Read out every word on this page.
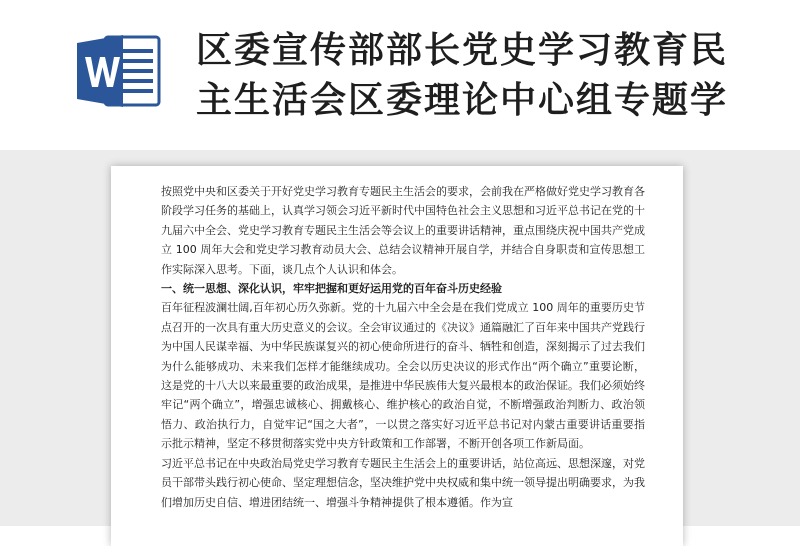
区委宣传部部长党史学习教育民
主生活会区委理论中心组专题学

按照党中央和区委关于开好党史学习教育专题民主生活会的要求，会前我在严格做好党史学习教育各阶段学习任务的基础上，认真学习领会习近平新时代中国特色社会主义思想和习近平总书记在党的十九届六中全会、党史学习教育专题民主生活会等会议上的重要讲话精神，重点围绕庆祝中国共产党成立 100 周年大会和党史学习教育动员大会、总结会议精神开展自学，并结合自身职责和宣传思想工作实际深入思考。下面，谈几点个人认识和体会。

一、统一思想、深化认识，牢牢把握和更好运用党的百年奋斗历史经验

百年征程波澜壮阔,百年初心历久弥新。党的十九届六中全会是在我们党成立 100 周年的重要历史节点召开的一次具有重大历史意义的会议。全会审议通过的《决议》通篇融汇了百年来中国共产党践行为中国人民谋幸福、为中华民族谋复兴的初心使命所进行的奋斗、牺牲和创造，深刻揭示了过去我们为什么能够成功、未来我们怎样才能继续成功。全会以历史决议的形式作出“两个确立”重要论断，这是党的十八大以来最重要的政治成果，是推进中华民族伟大复兴最根本的政治保证。我们必须始终牢记“两个确立”，增强忠诚核心、拥戴核心、维护核心的政治自觉，不断增强政治判断力、政治领悟力、政治执行力，自觉牢记“国之大者”，一以贯之落实好习近平总书记对内蒙古重要讲话重要指示批示精神，坚定不移贯彻落实党中央方针政策和工作部署，不断开创各项工作新局面。

习近平总书记在中央政治局党史学习教育专题民主生活会上的重要讲话，站位高远、思想深邃，对党员干部带头践行初心使命、坚定理想信念，坚决维护党中央权威和集中统一领导提出明确要求，为我们增加历史自信、增进团结统一、增强斗争精神提供了根本遵循。作为宣
